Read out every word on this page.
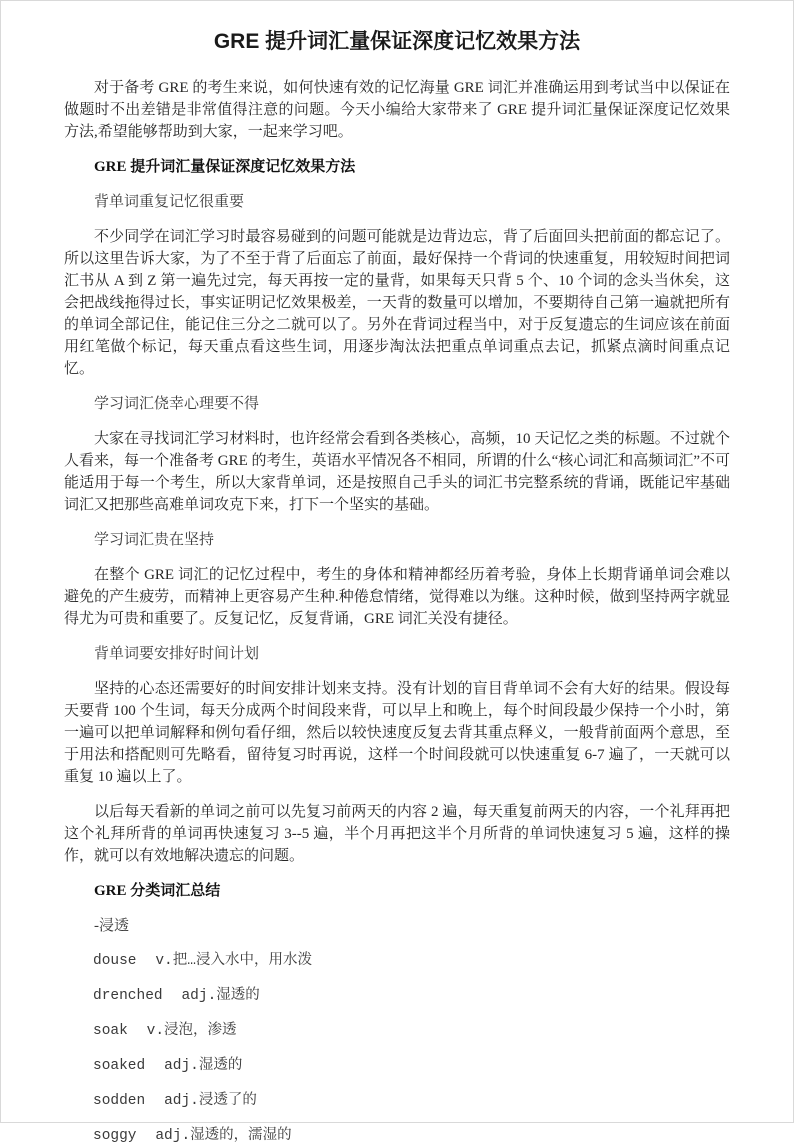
GRE 提升词汇量保证深度记忆效果方法

对于备考 GRE 的考生来说，如何快速有效的记忆海量 GRE 词汇并准确运用到考试当中以保证在做题时不出差错是非常值得注意的问题。今天小编给大家带来了 GRE 提升词汇量保证深度记忆效果方法,希望能够帮助到大家，一起来学习吧。

GRE 提升词汇量保证深度记忆效果方法

背单词重复记忆很重要

不少同学在词汇学习时最容易碰到的问题可能就是边背边忘，背了后面回头把前面的都忘记了。所以这里告诉大家，为了不至于背了后面忘了前面，最好保持一个背词的快速重复，用较短时间把词汇书从 A 到 Z 第一遍先过完，每天再按一定的量背，如果每天只背 5 个、10 个词的念头当休矣，这会把战线拖得过长，事实证明记忆效果极差，一天背的数量可以增加，不要期待自己第一遍就把所有的单词全部记住，能记住三分之二就可以了。另外在背词过程当中，对于反复遗忘的生词应该在前面用红笔做个标记，每天重点看这些生词，用逐步淘汰法把重点单词重点去记，抓紧点滴时间重点记忆。

学习词汇侥幸心理要不得

大家在寻找词汇学习材料时，也许经常会看到各类核心，高频，10 天记忆之类的标题。不过就个人看来，每一个准备考 GRE 的考生，英语水平情况各不相同，所谓的什么“核心词汇和高频词汇”不可能适用于每一个考生，所以大家背单词，还是按照自己手头的词汇书完整系统的背诵，既能记牢基础词汇又把那些高难单词攻克下来，打下一个坚实的基础。

学习词汇贵在坚持

在整个 GRE 词汇的记忆过程中，考生的身体和精神都经历着考验，身体上长期背诵单词会难以避免的产生疲劳，而精神上更容易产生种.种倦怠情绪，觉得难以为继。这种时候，做到坚持两字就显得尤为可贵和重要了。反复记忆，反复背诵，GRE 词汇关没有捷径。

背单词要安排好时间计划

坚持的心态还需要好的时间安排计划来支持。没有计划的盲目背单词不会有大好的结果。假设每天要背 100 个生词，每天分成两个时间段来背，可以早上和晚上，每个时间段最少保持一个小时，第一遍可以把单词解释和例句看仔细，然后以较快速度反复去背其重点释义，一般背前面两个意思，至于用法和搭配则可先略看，留待复习时再说，这样一个时间段就可以快速重复 6-7 遍了，一天就可以重复 10 遍以上了。

以后每天看新的单词之前可以先复习前两天的内容 2 遍，每天重复前两天的内容，一个礼拜再把这个礼拜所背的单词再快速复习 3--5 遍，半个月再把这半个月所背的单词快速复习 5 遍，这样的操作，就可以有效地解决遗忘的问题。

GRE 分类词汇总结

-浸透

douse v.把…浸入水中，用水泼

drenched adj.湿透的

soak v.浸泡，渗透

soaked adj.湿透的

sodden adj.浸透了的

soggy adj.湿透的，濡湿的
